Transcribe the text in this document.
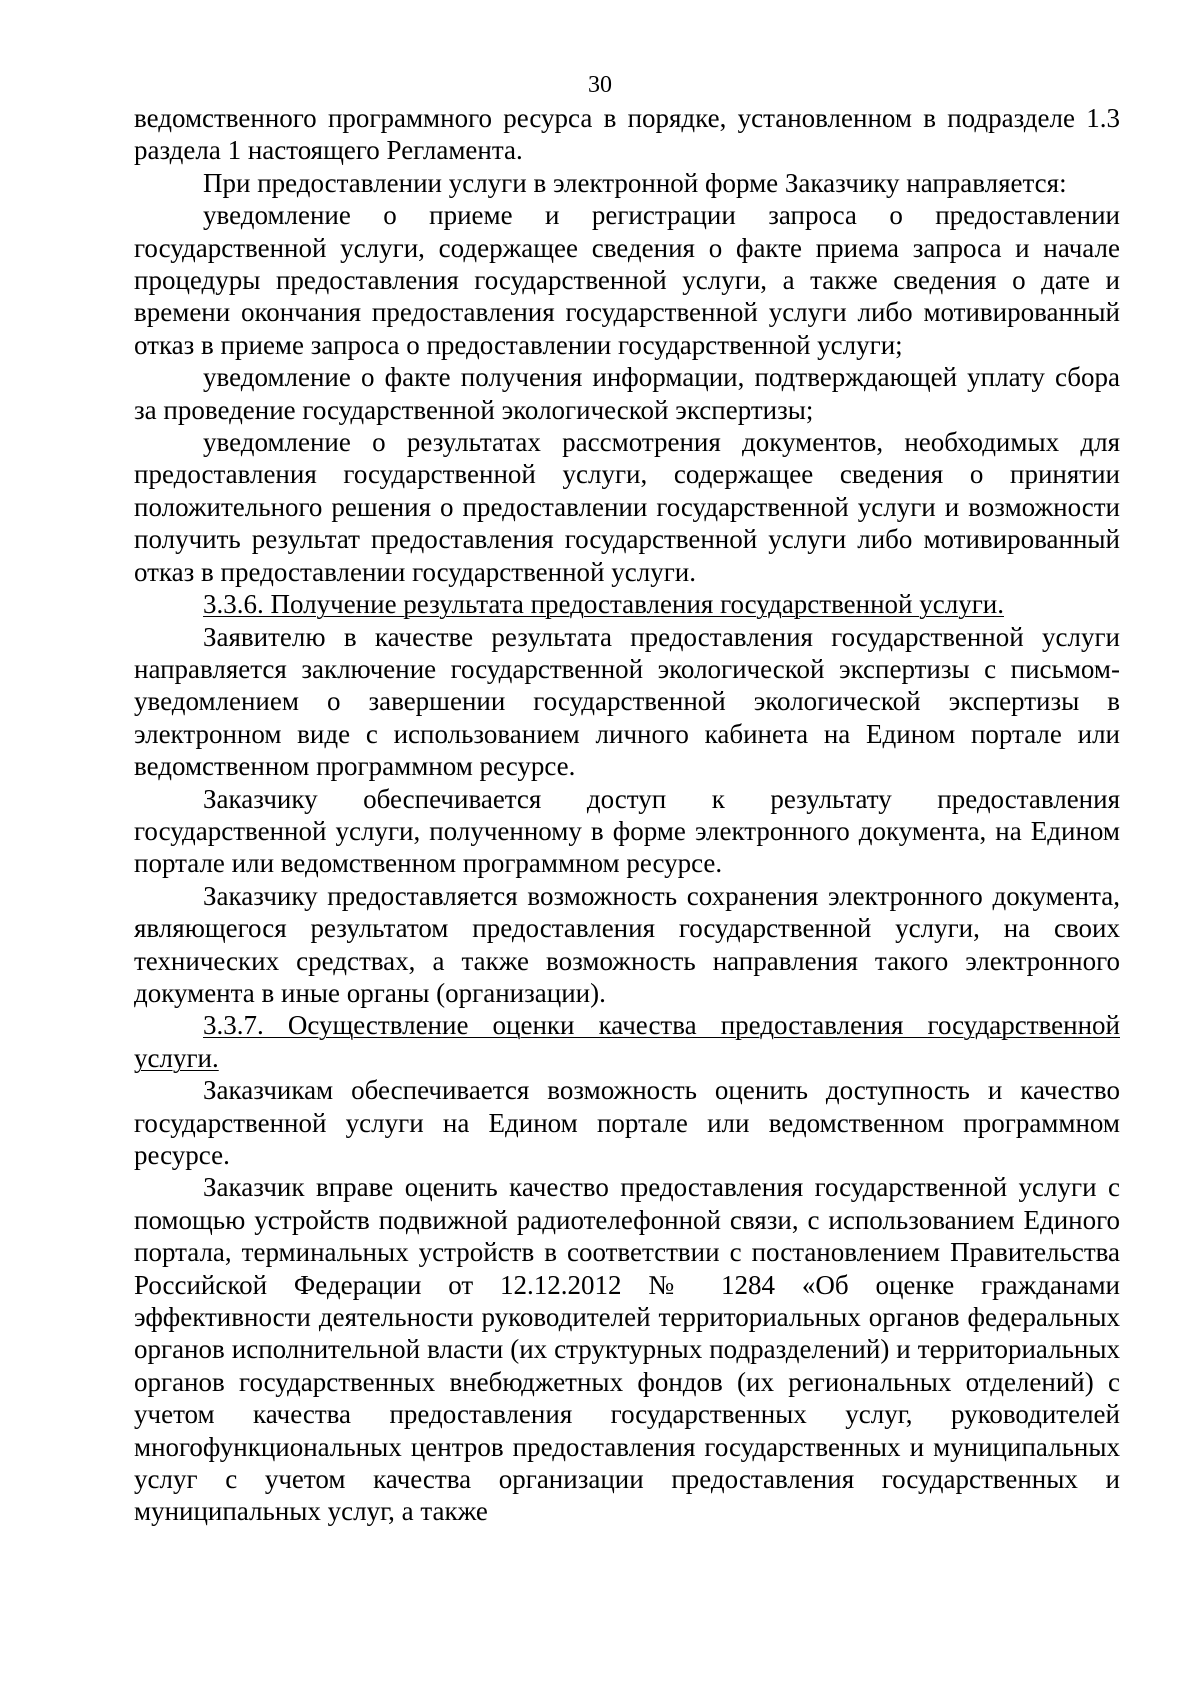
30

ведомственного программного ресурса в порядке, установленном в подразделе 1.3 раздела 1 настоящего Регламента.

При предоставлении услуги в электронной форме Заказчику направляется:

уведомление о приеме и регистрации запроса о предоставлении государственной услуги, содержащее сведения о факте приема запроса и начале процедуры предоставления государственной услуги, а также сведения о дате и времени окончания предоставления государственной услуги либо мотивированный отказ в приеме запроса о предоставлении государственной услуги;

уведомление о факте получения информации, подтверждающей уплату сбора за проведение государственной экологической экспертизы;

уведомление о результатах рассмотрения документов, необходимых для предоставления государственной услуги, содержащее сведения о принятии положительного решения о предоставлении государственной услуги и возможности получить результат предоставления государственной услуги либо мотивированный отказ в предоставлении государственной услуги.

3.3.6. Получение результата предоставления государственной услуги.

Заявителю в качестве результата предоставления государственной услуги направляется заключение государственной экологической экспертизы с письмом-уведомлением о завершении государственной экологической экспертизы в электронном виде с использованием личного кабинета на Едином портале или ведомственном программном ресурсе.

Заказчику обеспечивается доступ к результату предоставления государственной услуги, полученному в форме электронного документа, на Едином портале или ведомственном программном ресурсе.

Заказчику предоставляется возможность сохранения электронного документа, являющегося результатом предоставления государственной услуги, на своих технических средствах, а также возможность направления такого электронного документа в иные органы (организации).

3.3.7. Осуществление оценки качества предоставления государственной услуги.

Заказчикам обеспечивается возможность оценить доступность и качество государственной услуги на Едином портале или ведомственном программном ресурсе.

Заказчик вправе оценить качество предоставления государственной услуги с помощью устройств подвижной радиотелефонной связи, с использованием Единого портала, терминальных устройств в соответствии с постановлением Правительства Российской Федерации от 12.12.2012 № 1284 «Об оценке гражданами эффективности деятельности руководителей территориальных органов федеральных органов исполнительной власти (их структурных подразделений) и территориальных органов государственных внебюджетных фондов (их региональных отделений) с учетом качества предоставления государственных услуг, руководителей многофункциональных центров предоставления государственных и муниципальных услуг с учетом качества организации предоставления государственных и муниципальных услуг, а также
